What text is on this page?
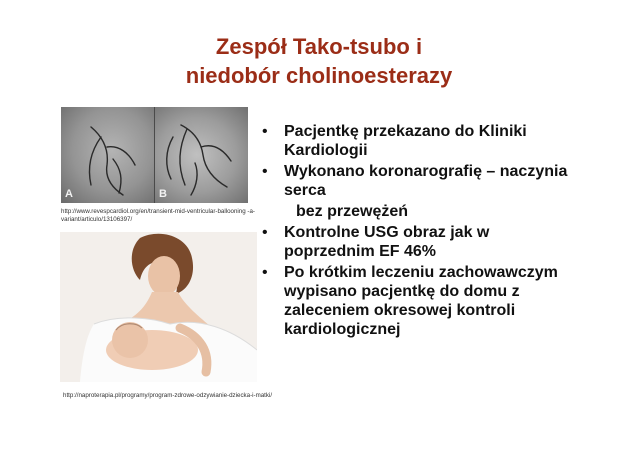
Zespół Tako-tsubo i
niedobór cholinoesterazy
A	B
http://www.revespcardiol.org/en/transient-mid-ventricular-ballooning -a-variant/articulo/13106397/
http://naproterapia.pl/programy/program-zdrowe-odzywianie-dziecka-i-matki/
• Pacjentkę przekazano do Kliniki Kardiologii
• Wykonano koronarografię – naczynia serca
bez przewężeń
• Kontrolne USG obraz jak w poprzednim EF 46%
• Po krótkim leczeniu zachowawczym wypisano pacjentkę do domu z zaleceniem okresowej kontroli kardiologicznej
